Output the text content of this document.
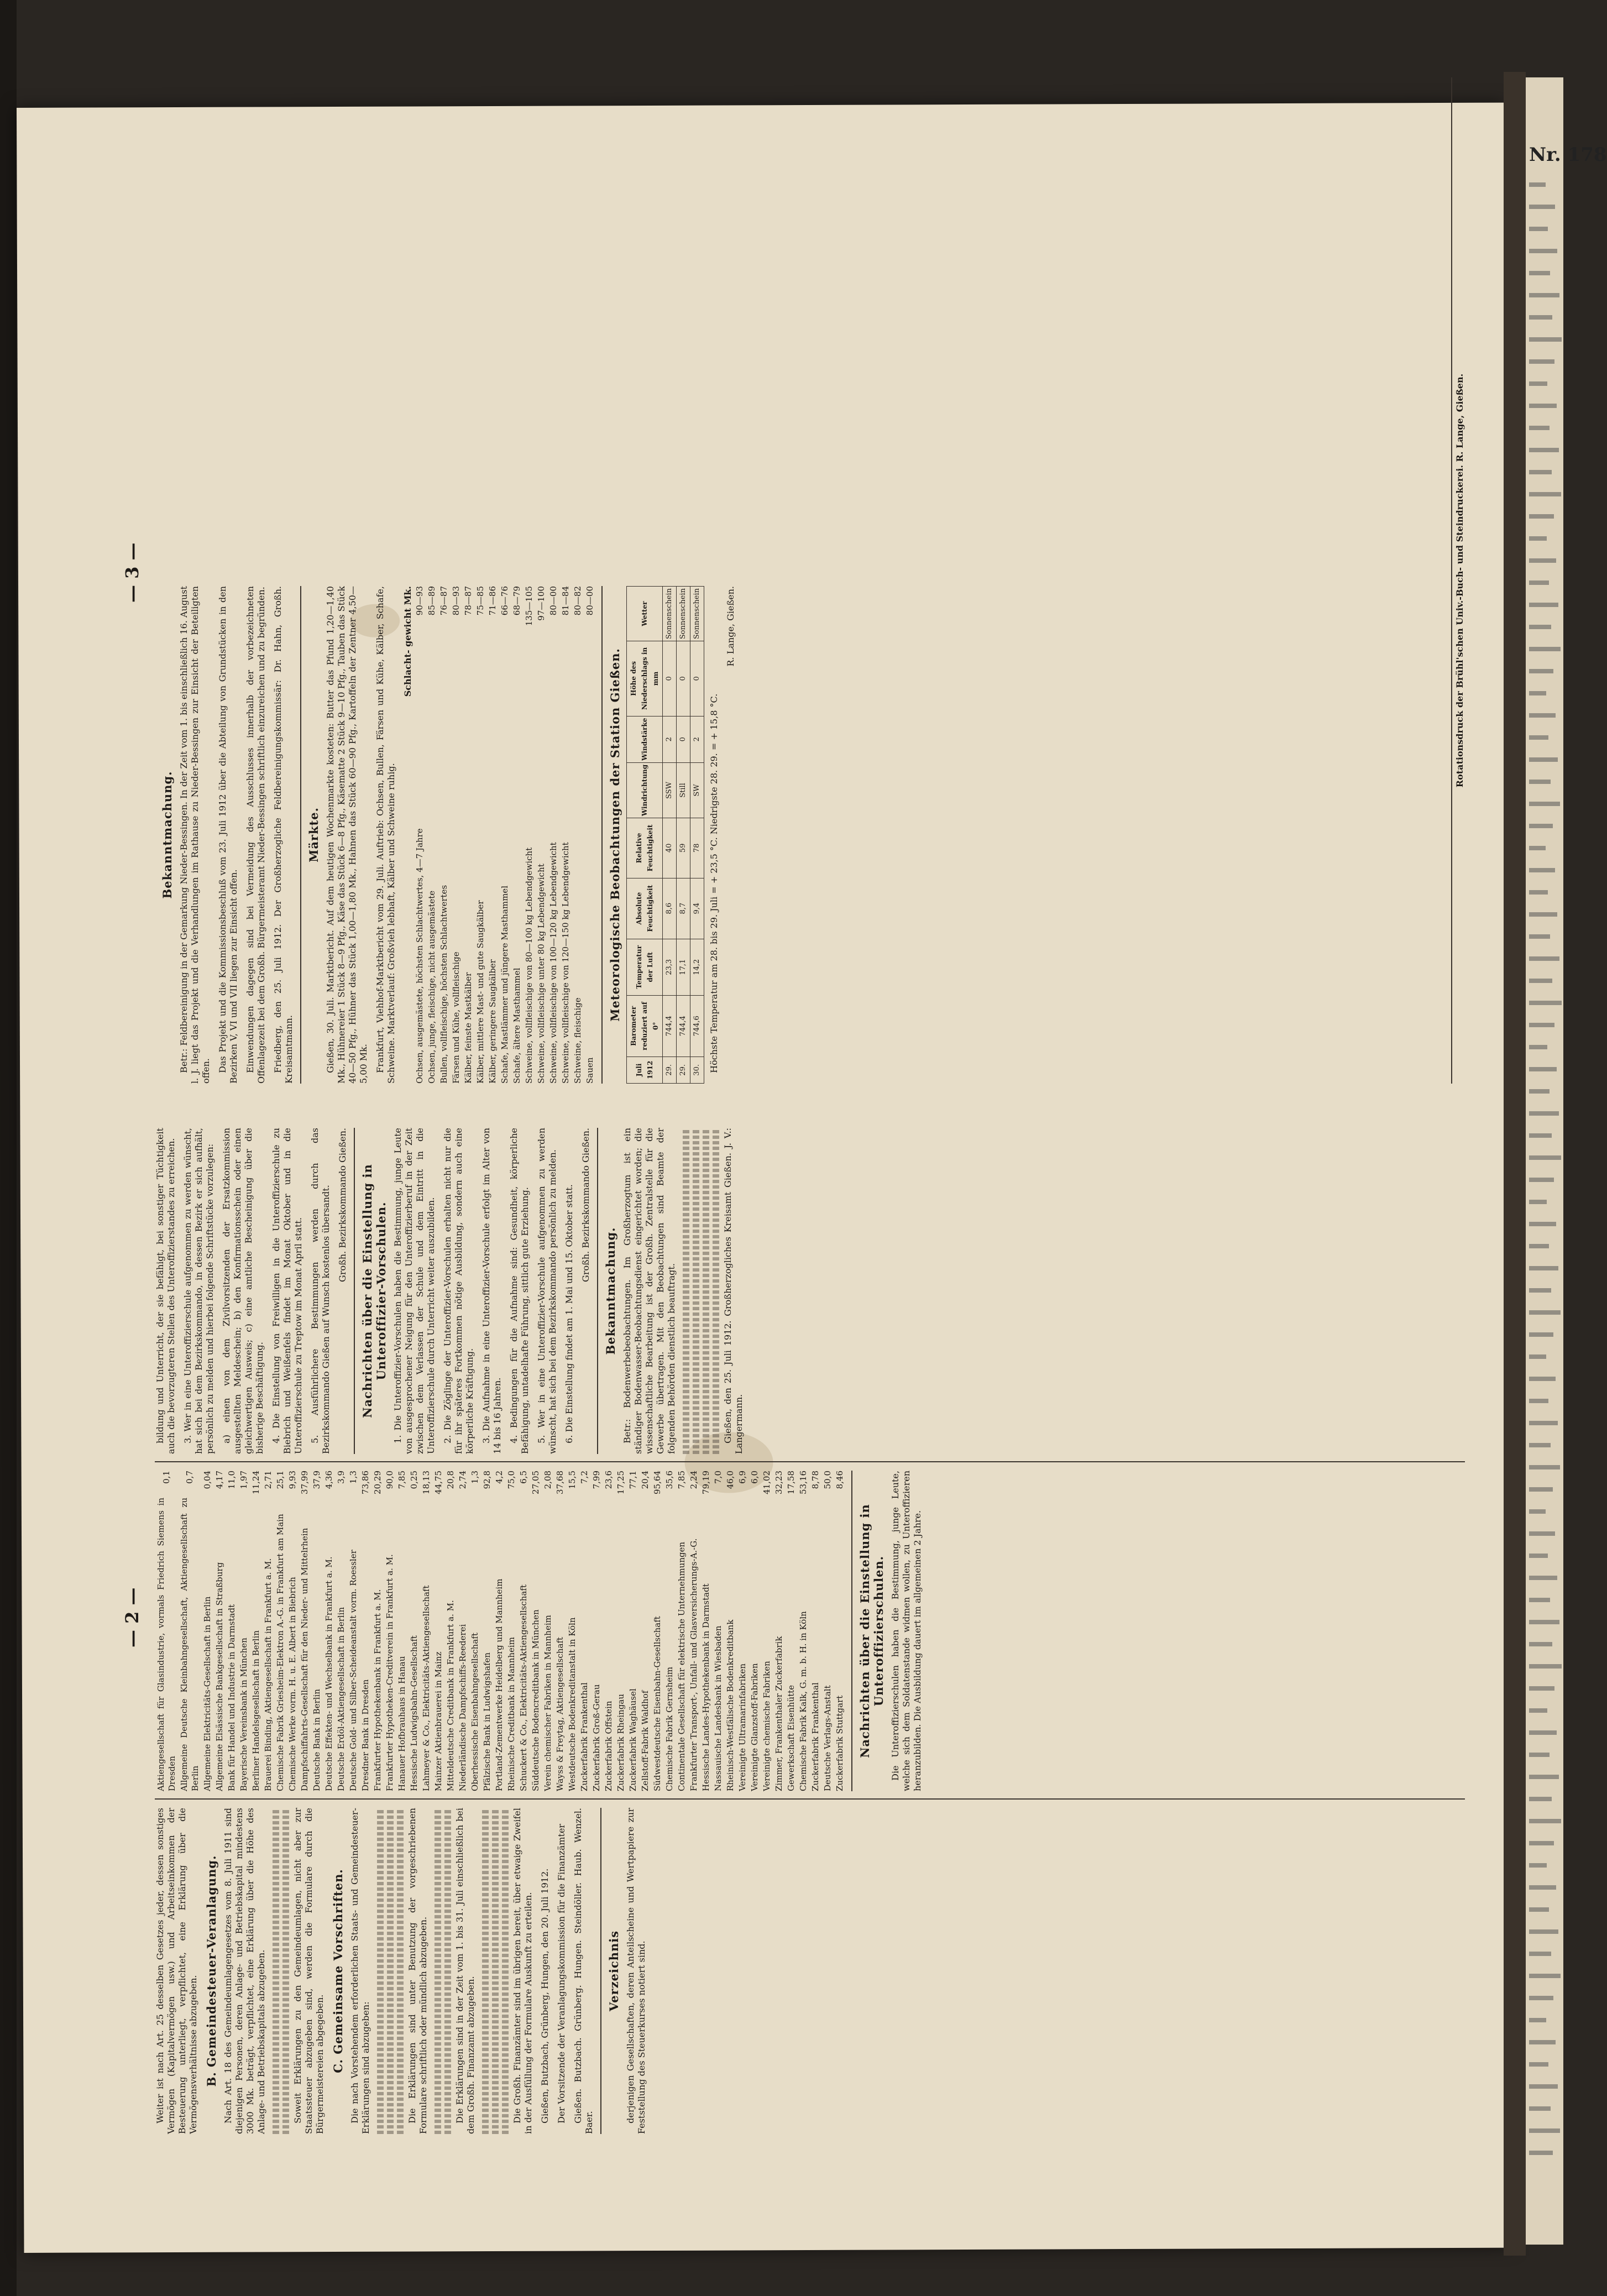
— 2 —

Weiter ist nach Art. 25 desselben Gesetzes jeder, dessen sonstiges Vermögen (Kapitalvermögen usw.) und Arbeitseinkommen der Besteuerung unterliegt, verpflichtet, eine Erklärung über die Vermögensverhältnisse abzugeben. B. Gemeindesteuer-Veranlagung. Nach Art. 18 des Gemeindeumlagengesetzes vom 8. Juli 1911 sind diejenigen Personen, deren Anlage- und Betriebskapital mindestens 3000 Mk. beträgt, verpflichtet, eine Erklärung über die Höhe des Anlage- und Betriebskapitals abzugeben.	Soweit Erklärungen zu den Gemeindeumlagen, nicht aber zur Staatssteuer abzugeben sind, werden die Formulare durch die Bürgermeistereien abgegeben. C. Gemeinsame Vorschriften. Die nach Vorstehendem erforderlichen Staats- und Gemeindesteuer-Erklärungen sind abzugeben:	Die Erklärungen sind unter Benutzung der vorgeschriebenen Formulare schriftlich oder mündlich abzugeben.	Die Erklärungen sind in der Zeit vom 1. bis 31. Juli einschließlich bei dem Großh. Finanzamt abzugeben.	Die Großh. Finanzämter sind im übrigen bereit, über etwaige Zweifel in der Ausfüllung der Formulare Auskunft zu erteilen. Gießen, Butzbach, Grünberg, Hungen, den 20. Juli 1912. Der Vorsitzende der Veranlagungskommission für die Finanzämter Gießen. Butzbach. Grünberg. Hungen. Steindöller. Haub. Wenzel. Baer.

Verzeichnis derjenigen Gesellschaften, deren Anteilscheine und Wertpapiere zur Feststellung des Steuerkurses notiert sind.

Aktiengesellschaft für Glasindustrie, vormals Friedrich Siemens in Dresden	0,1
Allgemeine Deutsche Kleinbahngesellschaft, Aktiengesellschaft zu Berlin	0,7
Allgemeine Elektricitäts-Gesellschaft in Berlin	0,04
Allgemeine Elsässische Bankgesellschaft in Straßburg	4,17
Bank für Handel und Industrie in Darmstadt	11,0
Bayerische Vereinsbank in München	1,97
Berliner Handelsgesellschaft in Berlin	11,24
Brauerei Binding, Aktiengesellschaft in Frankfurt a. M.	2,71
Chemische Fabrik Griesheim-Elektron A.-G. in Frankfurt am Main	25,1
Chemische Werke vorm. H. u. E. Albert in Biebrich	9,93
Dampfschiffahrts-Gesellschaft für den Nieder- und Mittelrhein	37,99
Deutsche Bank in Berlin	37,9
Deutsche Effekten- und Wechselbank in Frankfurt a. M.	4,36
Deutsche Erdöl-Aktiengesellschaft in Berlin	3,9
Deutsche Gold- und Silber-Scheideanstalt vorm. Roessler	1,3
Dresdner Bank in Dresden	73,86
Frankfurter Hypothekenbank in Frankfurt a. M.	20,29
Frankfurter Hypotheken-Creditverein in Frankfurt a. M.	90,0
Hanauer Hofbrauhaus in Hanau	7,85
Hessische Ludwigsbahn-Gesellschaft	0,25
Lahmeyer & Co., Elektricitäts-Aktiengesellschaft	18,13
Mainzer Aktienbrauerei in Mainz	44,75
Mitteldeutsche Creditbank in Frankfurt a. M.	20,8
Niederländische Dampfschiffs-Reederei	2,74
Oberhessische Eisenbahngesellschaft	1,3
Pfälzische Bank in Ludwigshafen	92,8
Portland-Zementwerke Heidelberg und Mannheim	4,2
Rheinische Creditbank in Mannheim	75,0
Schuckert & Co., Elektricitäts-Aktiengesellschaft	6,5
Süddeutsche Bodencreditbank in München	27,05
Verein chemischer Fabriken in Mannheim	2,08
Wayss & Freytag, Aktiengesellschaft	37,68
Westdeutsche Bodenkreditanstalt in Köln	15,5
Zuckerfabrik Frankenthal	7,2
Zuckerfabrik Groß-Gerau	7,99
Zuckerfabrik Offstein	23,6
Zuckerfabrik Rheingau	17,25
Zuckerfabrik Waghäusel	77,1
Zellstoff-Fabrik Waldhof	20,4
Südwestdeutsche Eisenbahn-Gesellschaft	95,64
Chemische Fabrik Gernsheim	35,6
Continentale Gesellschaft für elektrische Unternehmungen	7,85
Frankfurter Transport-, Unfall- und Glasversicherungs-A.-G.	2,24
Hessische Landes-Hypothekenbank in Darmstadt	79,19
Nassauische Landesbank in Wiesbaden	7,0
Rheinisch-Westfälische Bodenkreditbank	46,0
Vereinigte Ultramarinfabriken	6,9
Vereinigte Glanzstoff-Fabriken	6,0
Vereinigte chemische Fabriken	41,02
Zimmer, Frankenthaler Zuckerfabrik	32,23
Gewerkschaft Eisenhütte	17,58
Chemische Fabrik Kalk, G. m. b. H. in Köln	53,16
Zuckerfabrik Frankenthal	8,78
Deutsche Verlags-Anstalt	50,0
Zuckerfabrik Stuttgart	8,46
Nachrichten über die Einstellung in Unteroffizierschulen. Die Unteroffizierschulen haben die Bestimmung, junge Leute, welche sich dem Soldatenstande widmen wollen, zu Unteroffizieren heranzubilden. Die Ausbildung dauert im allgemeinen 2 Jahre.

bildung und Unterricht, der sie befähigt, bei sonstiger Tüchtigkeit auch die bevorzugteren Stellen des Unteroffizierstandes zu erreichen. 3. Wer in eine Unteroffizierschule aufgenommen zu werden wünscht, hat sich bei dem Bezirkskommando, in dessen Bezirk er sich aufhält, persönlich zu melden und hierbei folgende Schriftstücke vorzulegen: a) einen von dem Zivilvorsitzenden der Ersatzkommission ausgestellten Meldeschein; b) den Konfirmationsschein oder einen gleichwertigen Ausweis; c) eine amtliche Bescheinigung über die bisherige Beschäftigung. 4. Die Einstellung von Freiwilligen in die Unteroffizierschule zu Biebrich und Weißenfels findet im Monat Oktober und in die Unteroffizierschule zu Treptow im Monat April statt. 5. Ausführlichere Bestimmungen werden durch das Bezirkskommando Gießen auf Wunsch kostenlos übersandt. Großh. Bezirkskommando Gießen. Nachrichten über die Einstellung in Unteroffizier-Vorschulen. 1. Die Unteroffizier-Vorschulen haben die Bestimmung, junge Leute von ausgesprochener Neigung für den Unteroffizierberuf in der Zeit zwischen dem Verlassen der Schule und dem Eintritt in die Unteroffizierschule durch Unterricht weiter auszubilden. 2. Die Zöglinge der Unteroffizier-Vorschulen erhalten nicht nur die für ihr späteres Fortkommen nötige Ausbildung, sondern auch eine körperliche Kräftigung. 3. Die Aufnahme in eine Unteroffizier-Vorschule erfolgt im Alter von 14 bis 16 Jahren. 4. Bedingungen für die Aufnahme sind: Gesundheit, körperliche Befähigung, untadelhafte Führung, sittlich gute Erziehung. 5. Wer in eine Unteroffizier-Vorschule aufgenommen zu werden wünscht, hat sich bei dem Bezirkskommando persönlich zu melden. 6. Die Einstellung findet am 1. Mai und 15. Oktober statt. Großh. Bezirkskommando Gießen.

Bekanntmachung. Betr.: Bodenwerbebeobachtungen. Im Großherzogtum ist ein ständiger Bodenwasser-Beobachtungsdienst eingerichtet worden; die wissenschaftliche Bearbeitung ist der Großh. Zentralstelle für die Gewerbe übertragen. Mit den Beobachtungen sind Beamte der folgenden Behörden dienstlich beauftragt.	Gießen, den 25. Juli 1912. Großherzogliches Kreisamt Gießen. J. V.: Langermann.

— 3 —
Bekanntmachung. Betr.: Feldbereinigung in der Gemarkung Nieder-Bessingen. In der Zeit vom 1. bis einschließlich 16. August l. J. liegt das Projekt und die Verhandlungen im Rathause zu Nieder-Bessingen zur Einsicht der Beteiligten offen. Das Projekt und die Kommissionsbeschluß vom 23. Juli 1912 über die Abteilung von Grundstücken in den Bezirken V, VI und VII liegen zur Einsicht offen. Einwendungen dagegen sind bei Vermeidung des Ausschlusses innerhalb der vorbezeichneten Offenlagezeit bei dem Großh. Bürgermeisteramt Nieder-Bessingen schriftlich einzureichen und zu begründen. Friedberg, den 25. Juli 1912. Der Großherzogliche Feldbereinigungskommissär: Dr. Hahn, Großh. Kreisamtmann.

Märkte. Gießen, 30. Juli. Marktbericht. Auf dem heutigen Wochenmarkte kosteten: Butter das Pfund 1,20—1,40 Mk., Hühnereier 1 Stück 8—9 Pfg., Käse das Stück 6—8 Pfg., Käsematte 2 Stück 9—10 Pfg., Tauben das Stück 40—50 Pfg., Hühner das Stück 1,00—1,80 Mk., Hahnen das Stück 60—90 Pfg., Kartoffeln der Zentner 4,50—5,00 Mk. Frankfurt, Viehhof-Marktbericht vom 29. Juli. Auftrieb: Ochsen, Bullen, Färsen und Kühe, Kälber, Schafe, Schweine. Marktverlauf: Großvieh lebhaft, Kälber und Schweine ruhig.

Schlacht- gewicht Mk.
Ochsen, ausgemästete, höchsten Schlachtwertes, 4—7 Jahre	90—93
Ochsen, junge, fleischige, nicht ausgemästete	85—89
Bullen, vollfleischige, höchsten Schlachtwertes	76—87
Färsen und Kühe, vollfleischige	80—93
Kälber, feinste Mastkälber	78—87
Kälber, mittlere Mast- und gute Saugkälber	75—85
Kälber, geringere Saugkälber	71—86
Schafe, Mastlämmer und jüngere Masthammel	66—76
Schafe, ältere Masthammel	68—79
Schweine, vollfleischige von 80—100 kg Lebendgewicht	135—105
Schweine, vollfleischige unter 80 kg Lebendgewicht	97—100
Schweine, vollfleischige von 100—120 kg Lebendgewicht	80—00
Schweine, vollfleischige von 120—150 kg Lebendgewicht	81—84
Schweine, fleischige	80—82
Sauen	80—00
Meteorologische Beobachtungen der Station Gießen.
Juli 1912	Barometer reduziert auf 0°	Temperatur der Luft	Absolute Feuchtigkeit	Relative Feuchtigkeit	Windrichtung	Windstärke	Höhe des Niederschlags in mm	Wetter
29.	744,4	23,3	8,6	40	SSW	2	0	Sonnenschein
29.	744,4	17,1	8,7	59	Still	0	0	Sonnenschein
30.	744,6	14,2	9,4	78	SW	2	0	Sonnenschein

Höchste Temperatur am 28. bis 29. Juli = + 23,5 °C. Niedrigste 28. 29. = + 15,8 °C.

R. Lange, Gießen.	Rotationsdruck der Brühl'schen Univ.-Buch- und Steindruckerei. R. Lange, Gießen.
Nr. 178
